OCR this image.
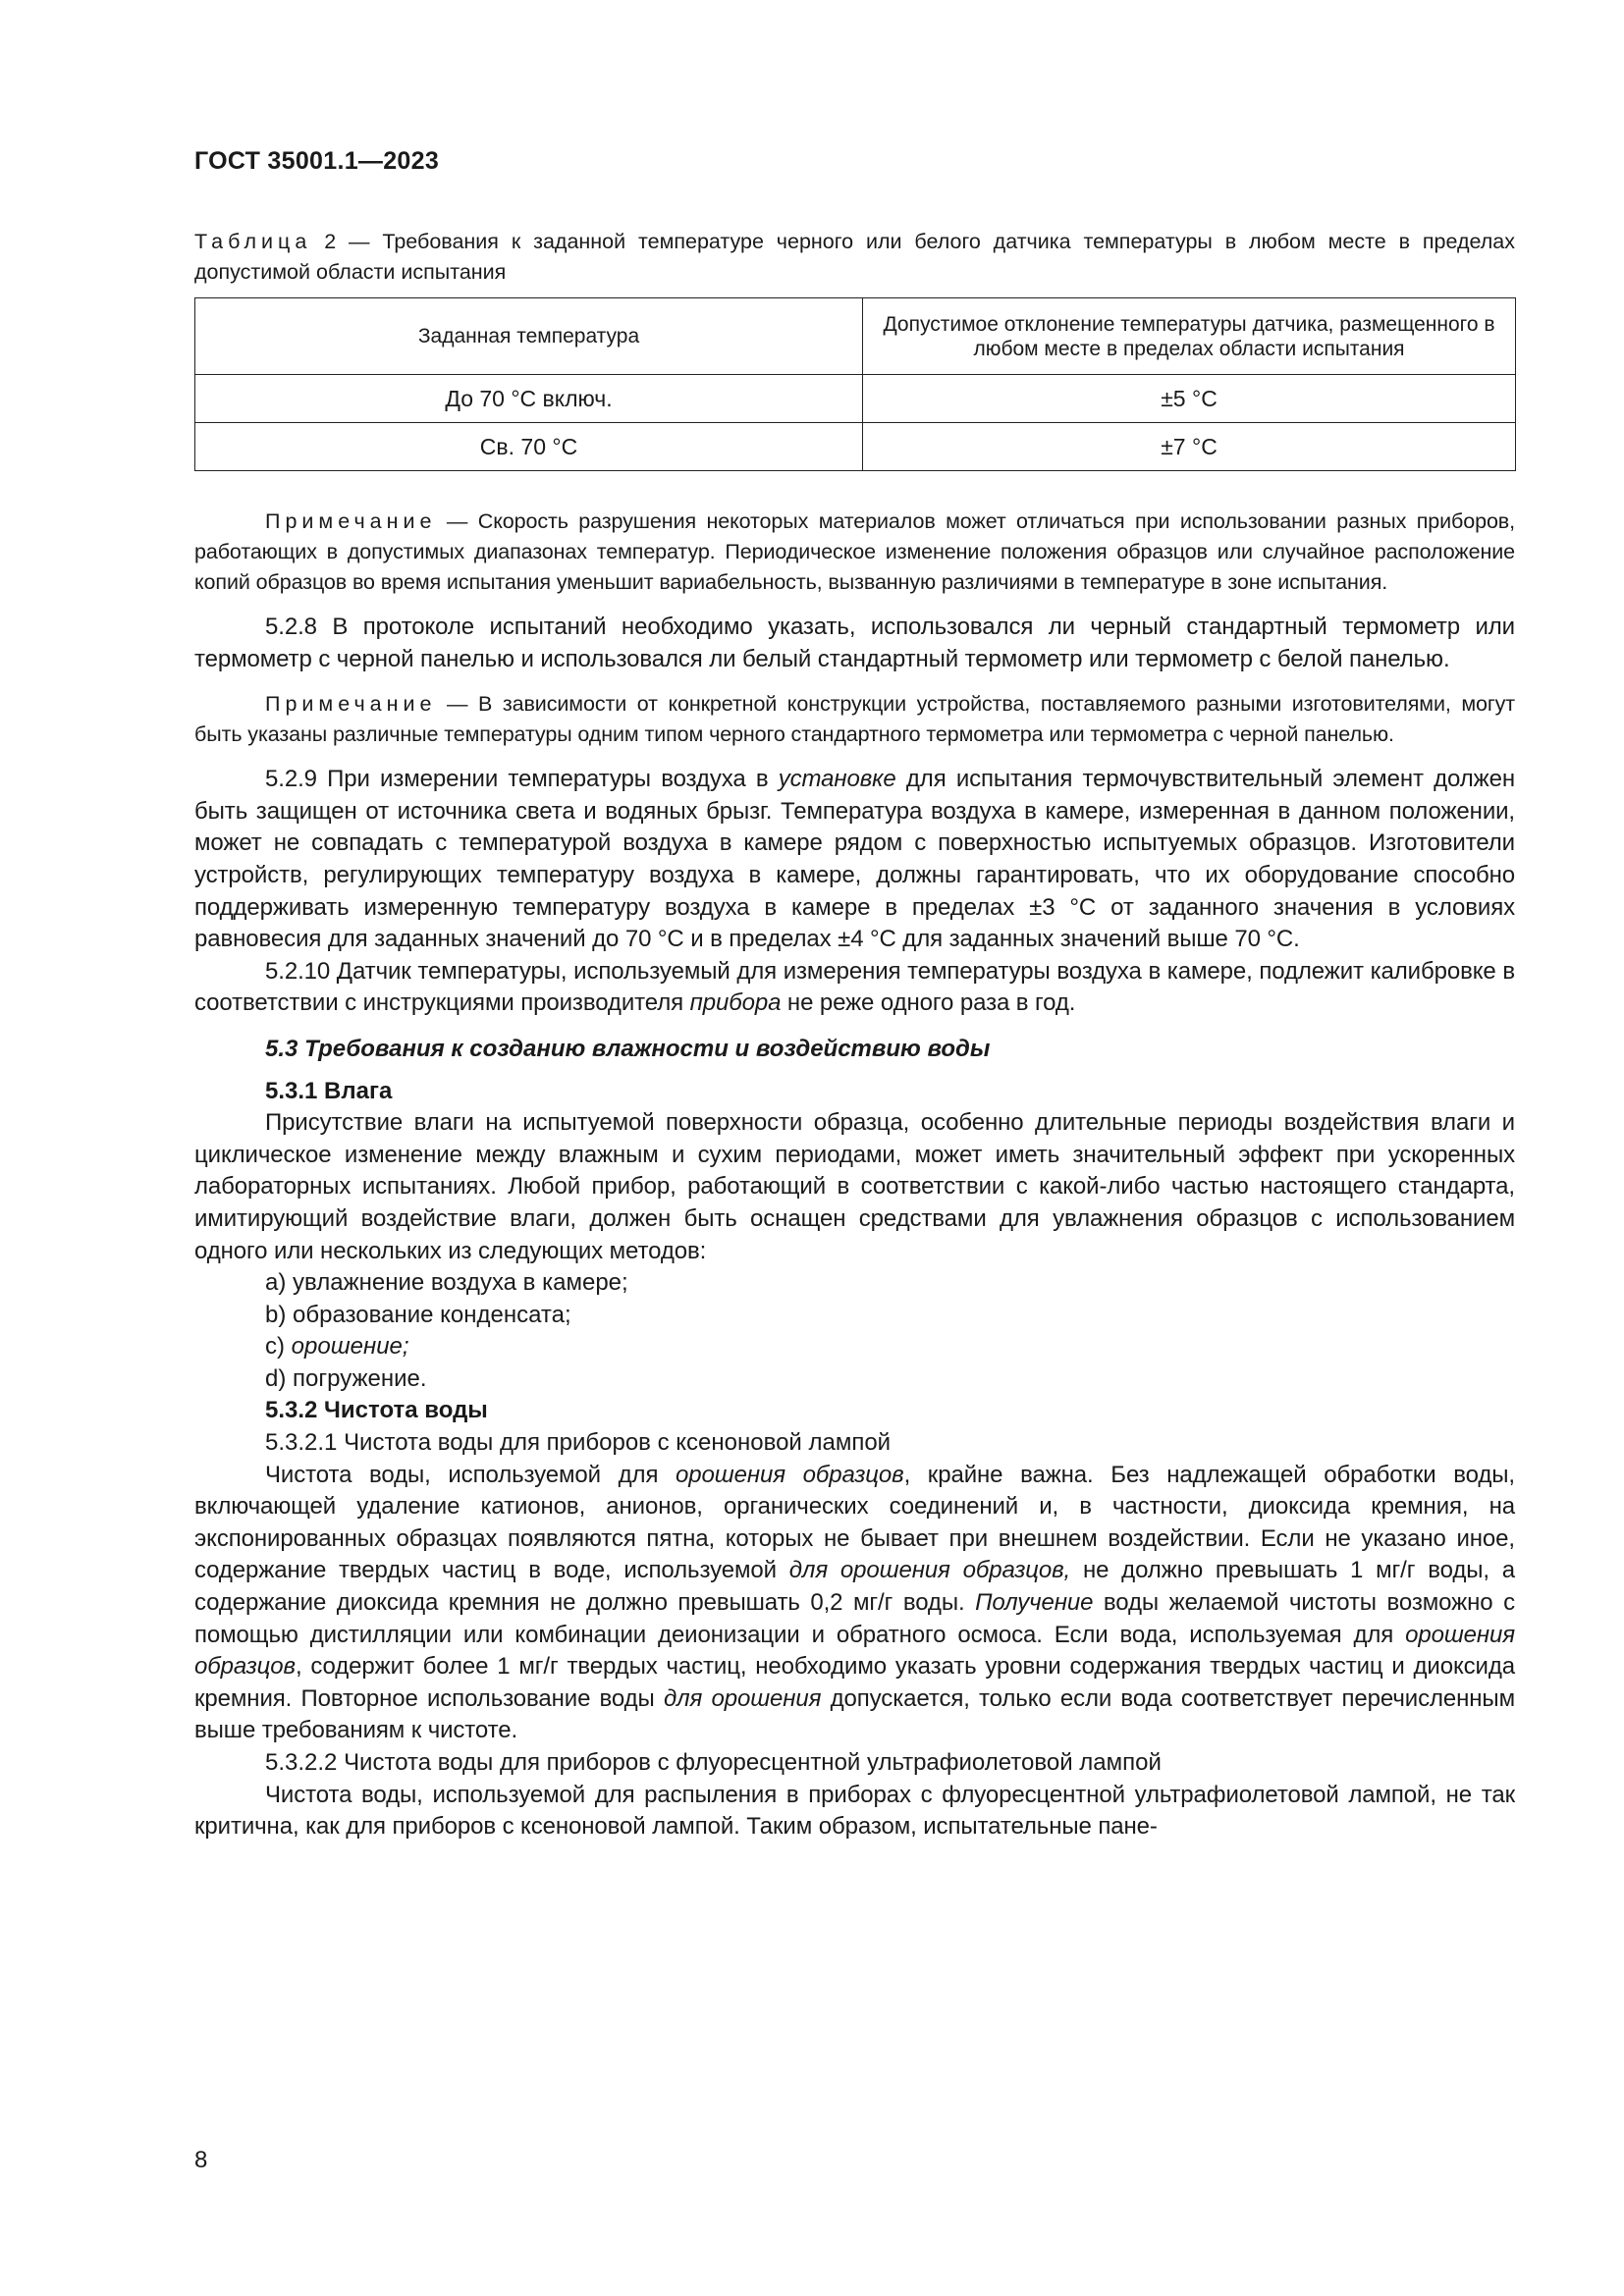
ГОСТ 35001.1—2023
Таблица 2 — Требования к заданной температуре черного или белого датчика температуры в любом месте в пределах допустимой области испытания
Заданная температура	Допустимое отклонение температуры датчика, размещенного в любом месте в пределах области испытания
До 70 °С включ.	±5 °С
Св. 70 °С	±7 °С

Примечание — Скорость разрушения некоторых материалов может отличаться при использовании разных приборов, работающих в допустимых диапазонах температур. Периодическое изменение положения образцов или случайное расположение копий образцов во время испытания уменьшит вариабельность, вызванную различиями в температуре в зоне испытания.

5.2.8 В протоколе испытаний необходимо указать, использовался ли черный стандартный термометр или термометр с черной панелью и использовался ли белый стандартный термометр или термометр с белой панелью.

Примечание — В зависимости от конкретной конструкции устройства, поставляемого разными изготовителями, могут быть указаны различные температуры одним типом черного стандартного термометра или термометра с черной панелью.

5.2.9 При измерении температуры воздуха в установке для испытания термочувствительный элемент должен быть защищен от источника света и водяных брызг. Температура воздуха в камере, измеренная в данном положении, может не совпадать с температурой воздуха в камере рядом с поверхностью испытуемых образцов. Изготовители устройств, регулирующих температуру воздуха в камере, должны гарантировать, что их оборудование способно поддерживать измеренную температуру воздуха в камере в пределах ±3 °С от заданного значения в условиях равновесия для заданных значений до 70 °С и в пределах ±4 °С для заданных значений выше 70 °С.

5.2.10 Датчик температуры, используемый для измерения температуры воздуха в камере, подлежит калибровке в соответствии с инструкциями производителя прибора не реже одного раза в год.

5.3 Требования к созданию влажности и воздействию воды

5.3.1 Влага

Присутствие влаги на испытуемой поверхности образца, особенно длительные периоды воздействия влаги и циклическое изменение между влажным и сухим периодами, может иметь значительный эффект при ускоренных лабораторных испытаниях. Любой прибор, работающий в соответствии с какой-либо частью настоящего стандарта, имитирующий воздействие влаги, должен быть оснащен средствами для увлажнения образцов с использованием одного или нескольких из следующих методов:

a) увлажнение воздуха в камере;

b) образование конденсата;

c) орошение;

d) погружение.

5.3.2 Чистота воды

5.3.2.1 Чистота воды для приборов с ксеноновой лампой

Чистота воды, используемой для орошения образцов, крайне важна. Без надлежащей обработки воды, включающей удаление катионов, анионов, органических соединений и, в частности, диоксида кремния, на экспонированных образцах появляются пятна, которых не бывает при внешнем воздействии. Если не указано иное, содержание твердых частиц в воде, используемой для орошения образцов, не должно превышать 1 мг/г воды, а содержание диоксида кремния не должно превышать 0,2 мг/г воды. Получение воды желаемой чистоты возможно с помощью дистилляции или комбинации деионизации и обратного осмоса. Если вода, используемая для орошения образцов, содержит более 1 мг/г твердых частиц, необходимо указать уровни содержания твердых частиц и диоксида кремния. Повторное использование воды для орошения допускается, только если вода соответствует перечисленным выше требованиям к чистоте.

5.3.2.2 Чистота воды для приборов с флуоресцентной ультрафиолетовой лампой

Чистота воды, используемой для распыления в приборах с флуоресцентной ультрафиолетовой лампой, не так критична, как для приборов с ксеноновой лампой. Таким образом, испытательные пане-

8
